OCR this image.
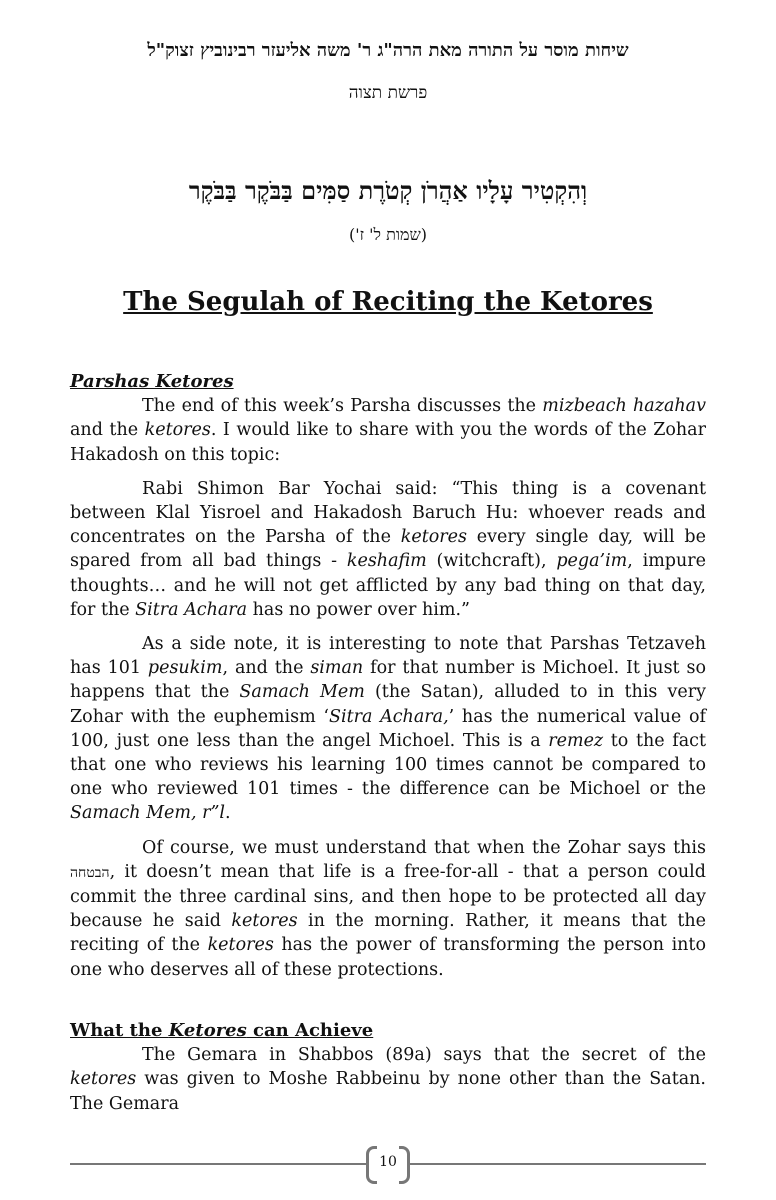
שיחות מוסר על התורה מאת הרה"ג ר' משה אליעזר רבינוביץ זצוק"ל
פרשת תצוה
וְהִקְטִיר עָלָיו אַהֲרֹן קְטֹרֶת סַמִּים בַּבֹּקֶר בַּבֹּקֶר
(שמות ל' ז')
The Segulah of Reciting the Ketores
Parshas Ketores

The end of this week’s Parsha discusses the mizbeach hazahav and the ketores. I would like to share with you the words of the Zohar Hakadosh on this topic:

Rabi Shimon Bar Yochai said: “This thing is a covenant between Klal Yisroel and Hakadosh Baruch Hu: whoever reads and concentrates on the Parsha of the ketores every single day, will be spared from all bad things - keshafim (witchcraft), pega’im, impure thoughts… and he will not get afflicted by any bad thing on that day, for the Sitra Achara has no power over him.”

As a side note, it is interesting to note that Parshas Tetzaveh has 101 pesukim, and the siman for that number is Michoel. It just so happens that the Samach Mem (the Satan), alluded to in this very Zohar with the euphemism ‘Sitra Achara,’ has the numerical value of 100, just one less than the angel Michoel. This is a remez to the fact that one who reviews his learning 100 times cannot be compared to one who reviewed 101 times - the difference can be Michoel or the Samach Mem, r”l.

Of course, we must understand that when the Zohar says this הבטחה, it doesn’t mean that life is a free-for-all - that a person could commit the three cardinal sins, and then hope to be protected all day because he said ketores in the morning. Rather, it means that the reciting of the ketores has the power of transforming the person into one who deserves all of these protections.

What the Ketores can Achieve

The Gemara in Shabbos (89a) says that the secret of the ketores was given to Moshe Rabbeinu by none other than the Satan. The Gemara

10
